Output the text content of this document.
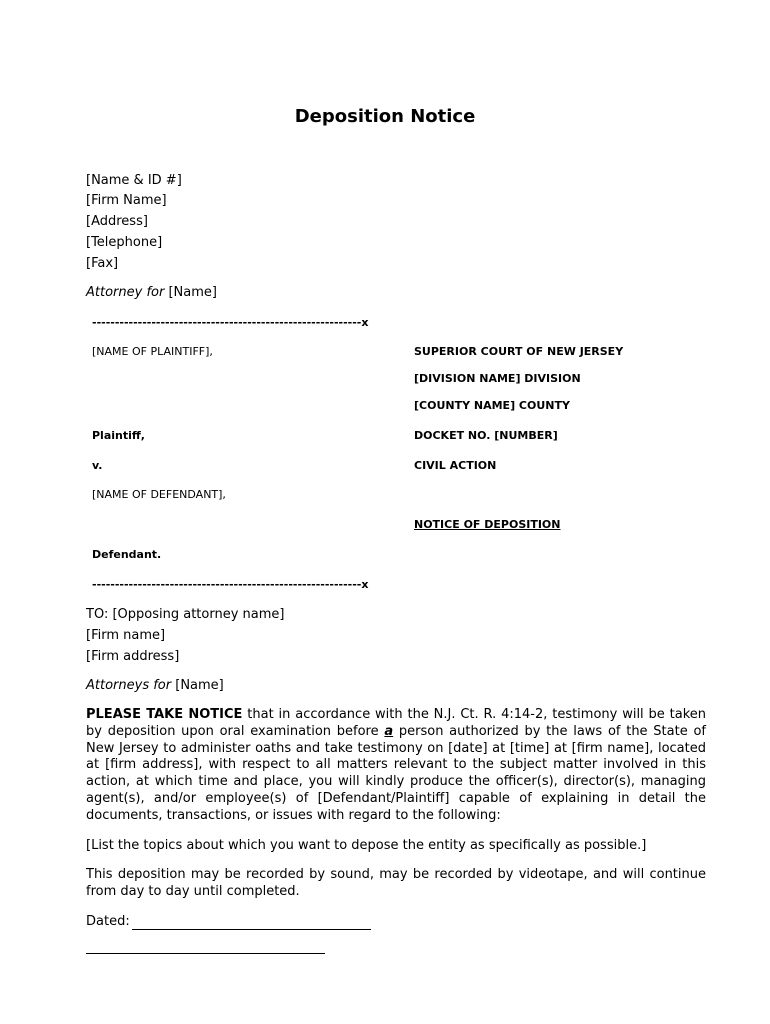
Deposition Notice
[Name & ID #]
[Firm Name]
[Address]
[Telephone]
[Fax]
Attorney for [Name]
-----------------------------------------------------------x
[NAME OF PLAINTIFF],
Plaintiff,
v.
[NAME OF DEFENDANT],
Defendant.
-----------------------------------------------------------x
SUPERIOR COURT OF NEW JERSEY
[DIVISION NAME] DIVISION
[COUNTY NAME] COUNTY
DOCKET NO. [NUMBER]
CIVIL ACTION
NOTICE OF DEPOSITION
TO: [Opposing attorney name]
[Firm name]
[Firm address]
Attorneys for [Name]
PLEASE TAKE NOTICE that in accordance with the N.J. Ct. R. 4:14-2, testimony will be taken by deposition upon oral examination before a person authorized by the laws of the State of New Jersey to administer oaths and take testimony on [date] at [time] at [firm name], located at [firm address], with respect to all matters relevant to the subject matter involved in this action, at which time and place, you will kindly produce the officer(s), director(s), managing agent(s), and/or employee(s) of [Defendant/Plaintiff] capable of explaining in detail the documents, transactions, or issues with regard to the following:
[List the topics about which you want to depose the entity as specifically as possible.]
This deposition may be recorded by sound, may be recorded by videotape, and will continue from day to day until completed.
Dated:
